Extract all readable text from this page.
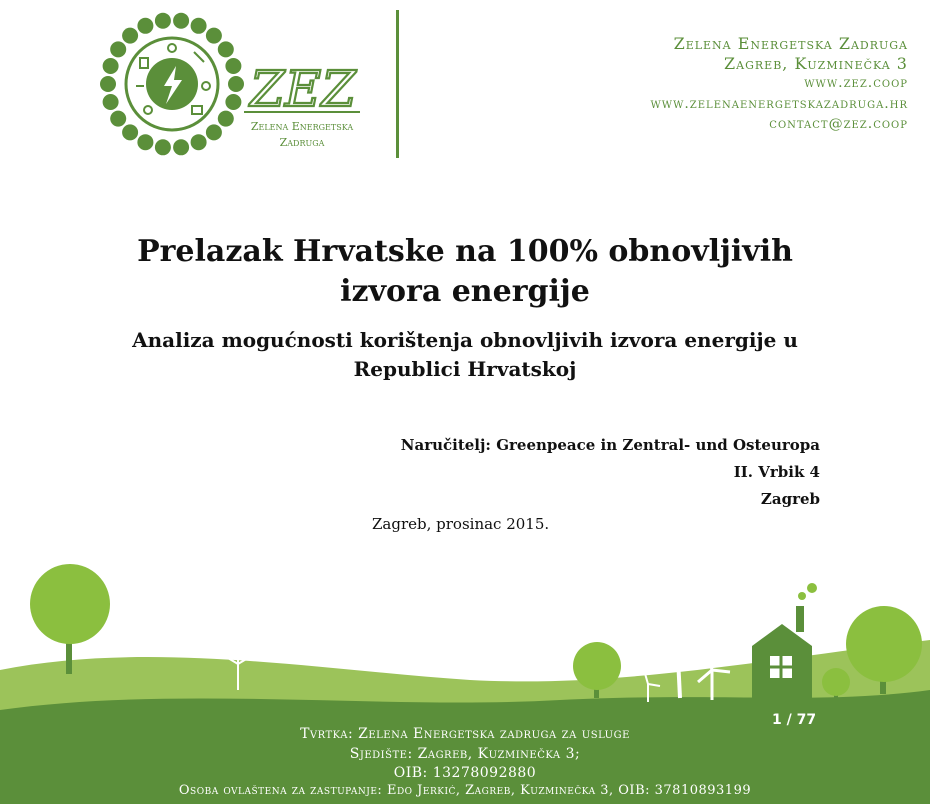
ZEZ
Zelena Energetska
Zadruga
Zelena Energetska Zadruga
Zagreb, Kuzminečka 3
www.zez.coop
www.zelenaenergetskazadruga.hr
contact@zez.coop
Prelazak Hrvatske na 100% obnovljivih
izvora energije
Analiza mogućnosti korištenja obnovljivih izvora energije u
Republici Hrvatskoj
Naručitelj: Greenpeace in Zentral- und Osteuropa
II. Vrbik 4
Zagreb
Zagreb, prosinac 2015.
1 / 77
Tvrtka: Zelena Energetska zadruga za usluge
Sjedište: Zagreb, Kuzminečka 3;
OIB: 13278092880
Osoba ovlaštena za zastupanje: Edo Jerkić, Zagreb, Kuzminečka 3, OIB: 37810893199
